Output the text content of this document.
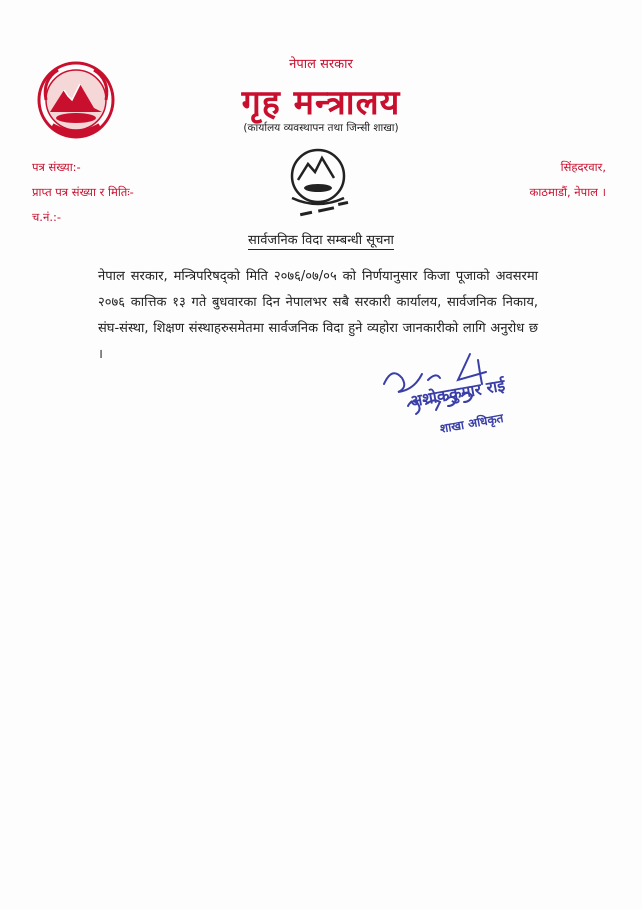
नेपाल सरकार
गृह मन्त्रालय
(कार्यालय व्यवस्थापन तथा जिन्सी शाखा)
पत्र संख्या:-
प्राप्त पत्र संख्या र मितिः-
च.नं.:-
सिंहदरवार,
काठमाडौं, नेपाल ।
सार्वजनिक विदा सम्बन्धी सूचना
नेपाल सरकार, मन्त्रिपरिषद्को मिति २०७६/०७/०५ को निर्णयानुसार किजा पूजाको अवसरमा २०७६ कात्तिक १३ गते बुधवारका दिन नेपालभर सबै सरकारी कार्यालय, सार्वजनिक निकाय, संघ-संस्था, शिक्षण संस्थाहरुसमेतमा सार्वजनिक विदा हुने व्यहोरा जानकारीको लागि अनुरोध छ ।
अशोककुमार राई
शाखा अधिकृत
